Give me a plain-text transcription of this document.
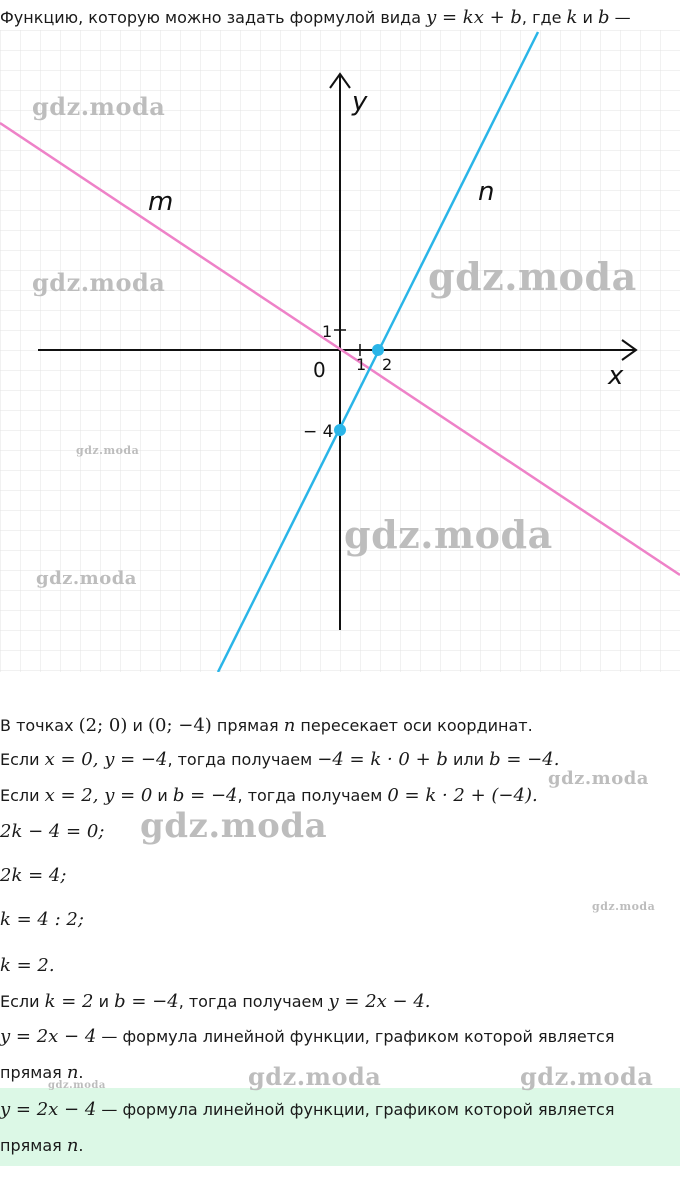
Функцию, которую можно задать формулой вида y = kx + b, где k и b —
y
x
0 1 2
1
− 4
m	n
В точках (2; 0) и (0; −4) прямая n пересекает оси координат.
Если x = 0, y = −4, тогда получаем −4 = k · 0 + b или b = −4.
Если x = 2, y = 0 и b = −4, тогда получаем 0 = k · 2 + (−4).
2k − 4 = 0;
2k = 4;
k = 4 : 2;
k = 2.
Если k = 2 и b = −4, тогда получаем y = 2x − 4.
y = 2x − 4 — формула линейной функции, графиком которой является
прямая n.
y = 2x − 4 — формула линейной функции, графиком которой является
прямая n.
gdz.moda
gdz.moda	gdz.moda
gdz.moda
gdz.moda
gdz.moda
gdz.moda
gdz.moda
gdz.moda
gdz.moda	gdz.moda
gdz.moda
